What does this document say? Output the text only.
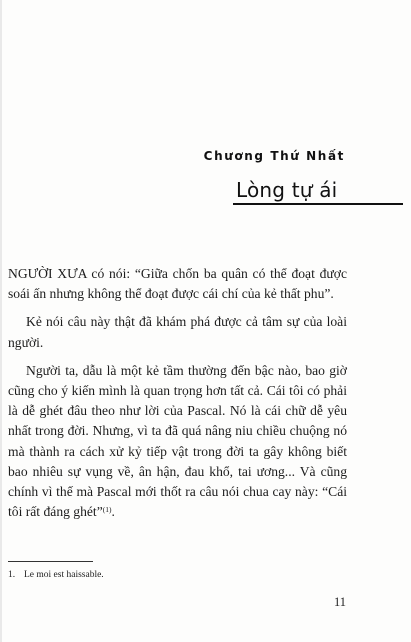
Chương Thứ Nhất
Lòng tự ái

NGƯỜI XƯA có nói: “Giữa chốn ba quân có thể đoạt được soái ấn nhưng không thể đoạt được cái chí của kẻ thất phu”.

Kẻ nói câu này thật đã khám phá được cả tâm sự của loài người.

Người ta, dẫu là một kẻ tầm thường đến bậc nào, bao giờ cũng cho ý kiến mình là quan trọng hơn tất cả. Cái tôi có phải là dễ ghét đâu theo như lời của Pascal. Nó là cái chữ dễ yêu nhất trong đời. Nhưng, vì ta đã quá nâng niu chiều chuộng nó mà thành ra cách xử kỷ tiếp vật trong đời ta gây không biết bao nhiêu sự vụng về, ân hận, đau khổ, tai ương... Và cũng chính vì thế mà Pascal mới thốt ra câu nói chua cay này: “Cái tôi rất đáng ghét”$^{(1)}$.

1. Le moi est haissable.
11
